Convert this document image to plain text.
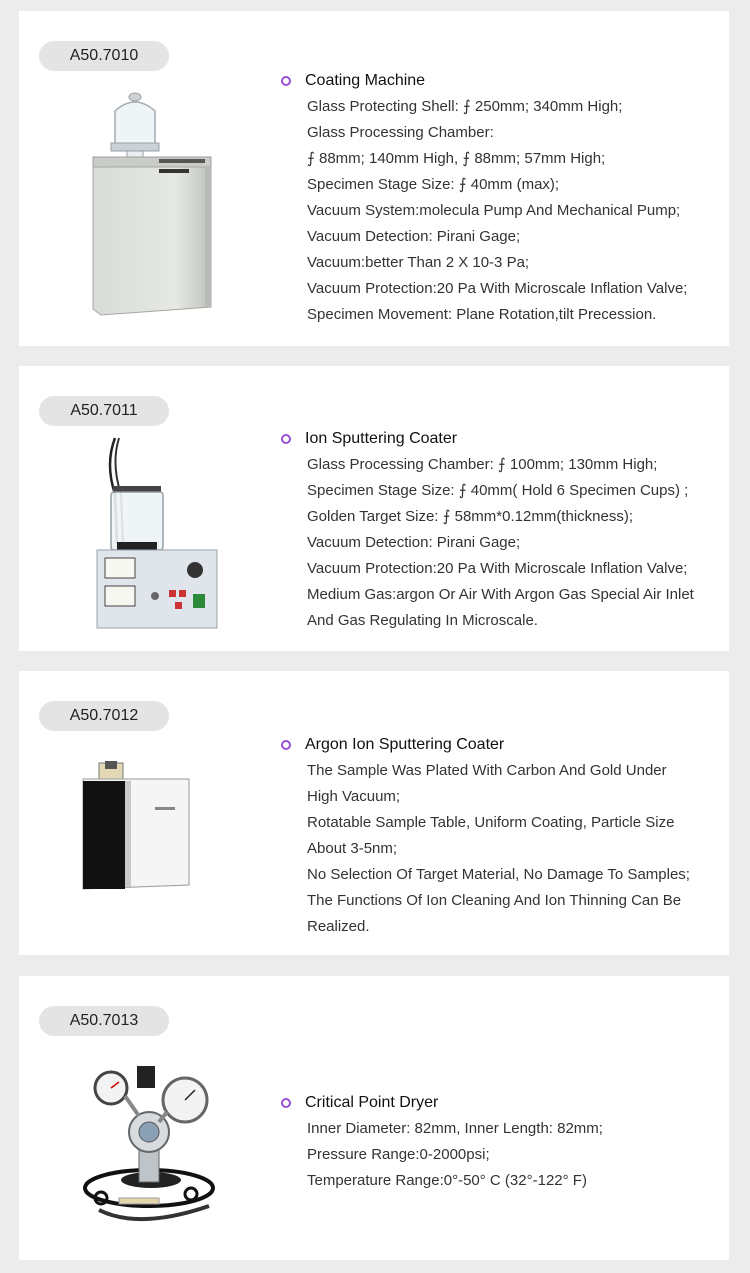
A50.7010
Coating Machine
Glass Protecting Shell: ⨍ 250mm; 340mm High;
Glass Processing Chamber:
⨍ 88mm; 140mm High, ⨍ 88mm; 57mm High;
Specimen Stage Size: ⨍ 40mm (max);
Vacuum System:molecula Pump And Mechanical Pump;
Vacuum Detection: Pirani Gage;
Vacuum:better Than 2 X 10-3 Pa;
Vacuum Protection:20 Pa With Microscale Inflation Valve;
Specimen Movement: Plane Rotation,tilt Precession.
A50.7011
Ion Sputtering Coater
Glass Processing Chamber: ⨍ 100mm; 130mm High;
Specimen Stage Size: ⨍ 40mm( Hold 6 Specimen Cups) ;
Golden Target Size: ⨍ 58mm*0.12mm(thickness);
Vacuum Detection: Pirani Gage;
Vacuum Protection:20 Pa With Microscale Inflation Valve;
Medium Gas:argon Or Air With Argon Gas Special Air Inlet
And Gas Regulating In Microscale.
A50.7012
Argon Ion Sputtering Coater
The Sample Was Plated With Carbon And Gold Under
High Vacuum;
Rotatable Sample Table, Uniform Coating, Particle Size
About 3-5nm;
No Selection Of Target Material, No Damage To Samples;
The Functions Of Ion Cleaning And Ion Thinning Can Be
Realized.
A50.7013
Critical Point Dryer
Inner Diameter: 82mm, Inner Length: 82mm;
Pressure Range:0-2000psi;
Temperature Range:0°-50° C (32°-122° F)
